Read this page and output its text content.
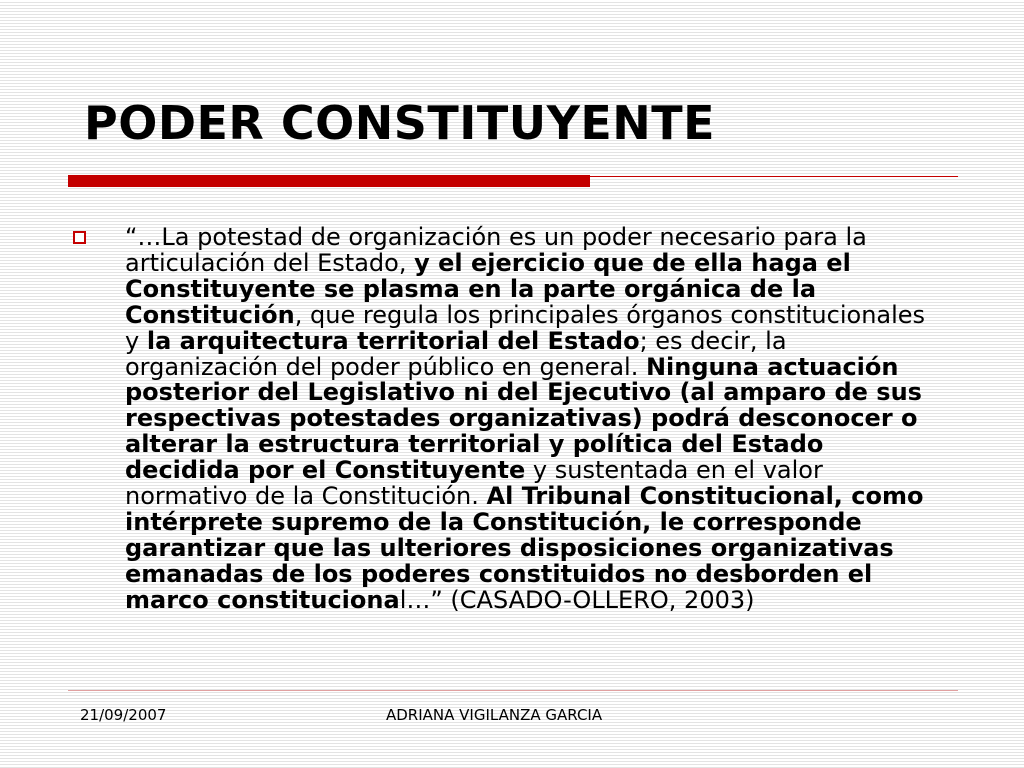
PODER CONSTITUYENTE

“…La potestad de organización es un poder necesario para la articulación del Estado, y el ejercicio que de ella haga el Constituyente se plasma en la parte orgánica de la Constitución, que regula los principales órganos constitucionales y la arquitectura territorial del Estado; es decir, la organización del poder público en general. Ninguna actuación posterior del Legislativo ni del Ejecutivo (al amparo de sus respectivas potestades organizativas) podrá desconocer o alterar la estructura territorial y política del Estado decidida por el Constituyente y sustentada en el valor normativo de la Constitución. Al Tribunal Constitucional, como intérprete supremo de la Constitución, le corresponde garantizar que las ulteriores disposiciones organizativas emanadas de los poderes constituidos no desborden el marco constitucional…” (CASADO-OLLERO, 2003)

21/09/2007	ADRIANA VIGILANZA GARCIA
